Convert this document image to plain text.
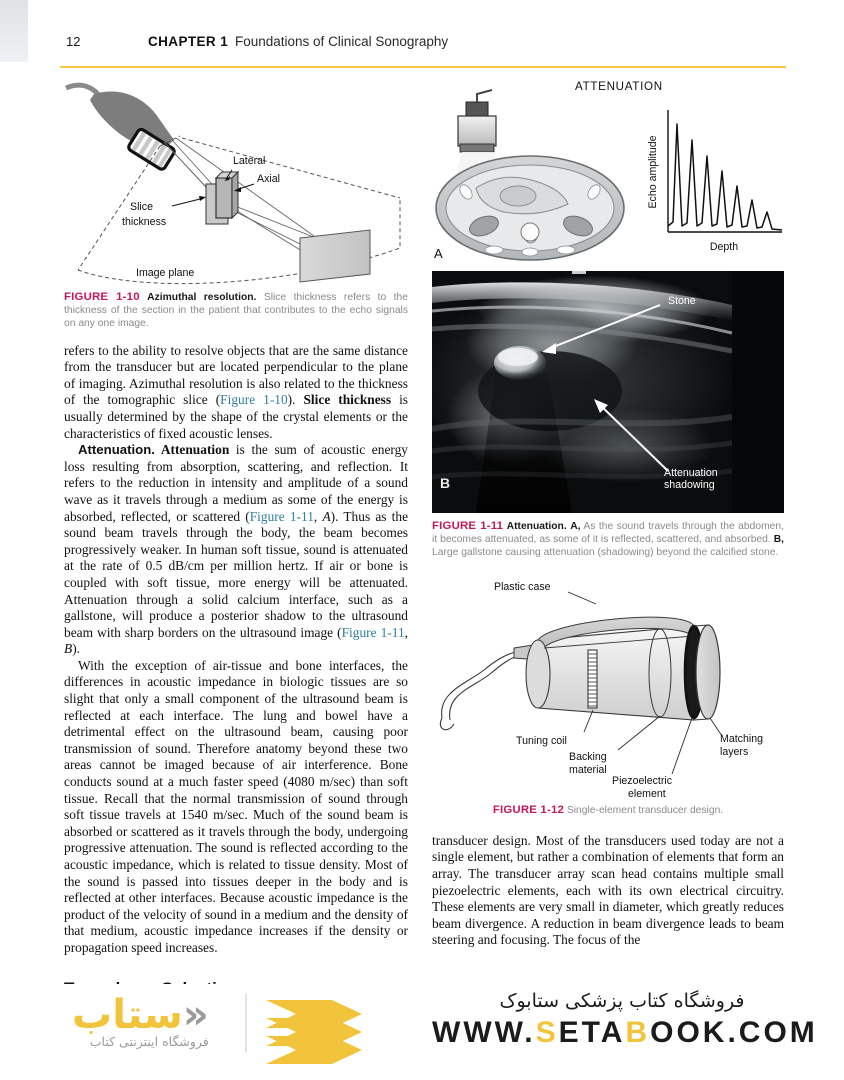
12	CHAPTER 1 Foundations of Clinical Sonography
Lateral
Axial
Slice
thickness
Image plane
FIGURE 1-10 Azimuthal resolution. Slice thickness refers to the thickness of the section in the patient that contributes to the echo signals on any one image.

refers to the ability to resolve objects that are the same distance from the transducer but are located perpendicular to the plane of imaging. Azimuthal resolution is also related to the thickness of the tomographic slice (Figure 1-10). Slice thickness is usually determined by the shape of the crystal elements or the characteristics of fixed acoustic lenses.

Attenuation. Attenuation is the sum of acoustic energy loss resulting from absorption, scattering, and reflection. It refers to the reduction in intensity and amplitude of a sound wave as it travels through a medium as some of the energy is absorbed, reflected, or scattered (Figure 1-11, A). Thus as the sound beam travels through the body, the beam becomes progressively weaker. In human soft tissue, sound is attenuated at the rate of 0.5 dB/cm per million hertz. If air or bone is coupled with soft tissue, more energy will be attenuated. Attenuation through a solid calcium interface, such as a gallstone, will produce a posterior shadow to the ultrasound beam with sharp borders on the ultrasound image (Figure 1-11, B).

With the exception of air-tissue and bone interfaces, the differences in acoustic impedance in biologic tissues are so slight that only a small component of the ultrasound beam is reflected at each interface. The lung and bowel have a detrimental effect on the ultrasound beam, causing poor transmission of sound. Therefore anatomy beyond these two areas cannot be imaged because of air interference. Bone conducts sound at a much faster speed (4080 m/sec) than soft tissue. Recall that the normal transmission of sound through soft tissue travels at 1540 m/sec. Much of the sound beam is absorbed or scattered as it travels through the body, undergoing progressive attenuation. The sound is reflected according to the acoustic impedance, which is related to tissue density. Most of the sound is passed into tissues deeper in the body and is reflected at other interfaces. Because acoustic impedance is the product of the velocity of sound in a medium and the density of that medium, acoustic impedance increases if the density or propagation speed increases.

ATTENUATION
Echo amplitude
Depth
A
Stone
Attenuation
shadowing
B
FIGURE 1-11 Attenuation. A, As the sound travels through the abdomen, it becomes attenuated, as some of it is reflected, scattered, and absorbed. B, Large gallstone causing attenuation (shadowing) beyond the calcified stone.
Plastic case
Tuning coil
Backing
material
Piezoelectric
element
Matching
layers
FIGURE 1-12 Single-element transducer design.

transducer design. Most of the transducers used today are not a single element, but rather a combination of elements that form an array. The transducer array scan head contains multiple small piezoelectric elements, each with its own electrical circuitry. These elements are very small in diameter, which greatly reduces beam divergence. A reduction in beam divergence leads to beam steering and focusing. The focus of the

«ستاب
فروشگاه اینترنتی کتاب
فروشگاه کتاب پزشکی ستابوک
WWW.SETABOOK.COM
